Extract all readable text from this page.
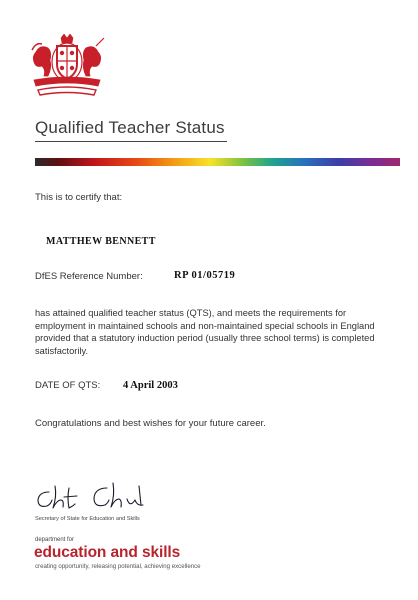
Qualified Teacher Status
This is to certify that:
MATTHEW BENNETT
DfES Reference Number:	RP 01/05719

has attained qualified teacher status (QTS), and meets the requirements for employment in maintained schools and non-maintained special schools in England provided that a statutory induction period (usually three school terms) is completed satisfactorily.

DATE OF QTS: 4 April 2003
Congratulations and best wishes for your future career.
Secretary of State for Education and Skills
department for
education and skills
creating opportunity, releasing potential, achieving excellence
